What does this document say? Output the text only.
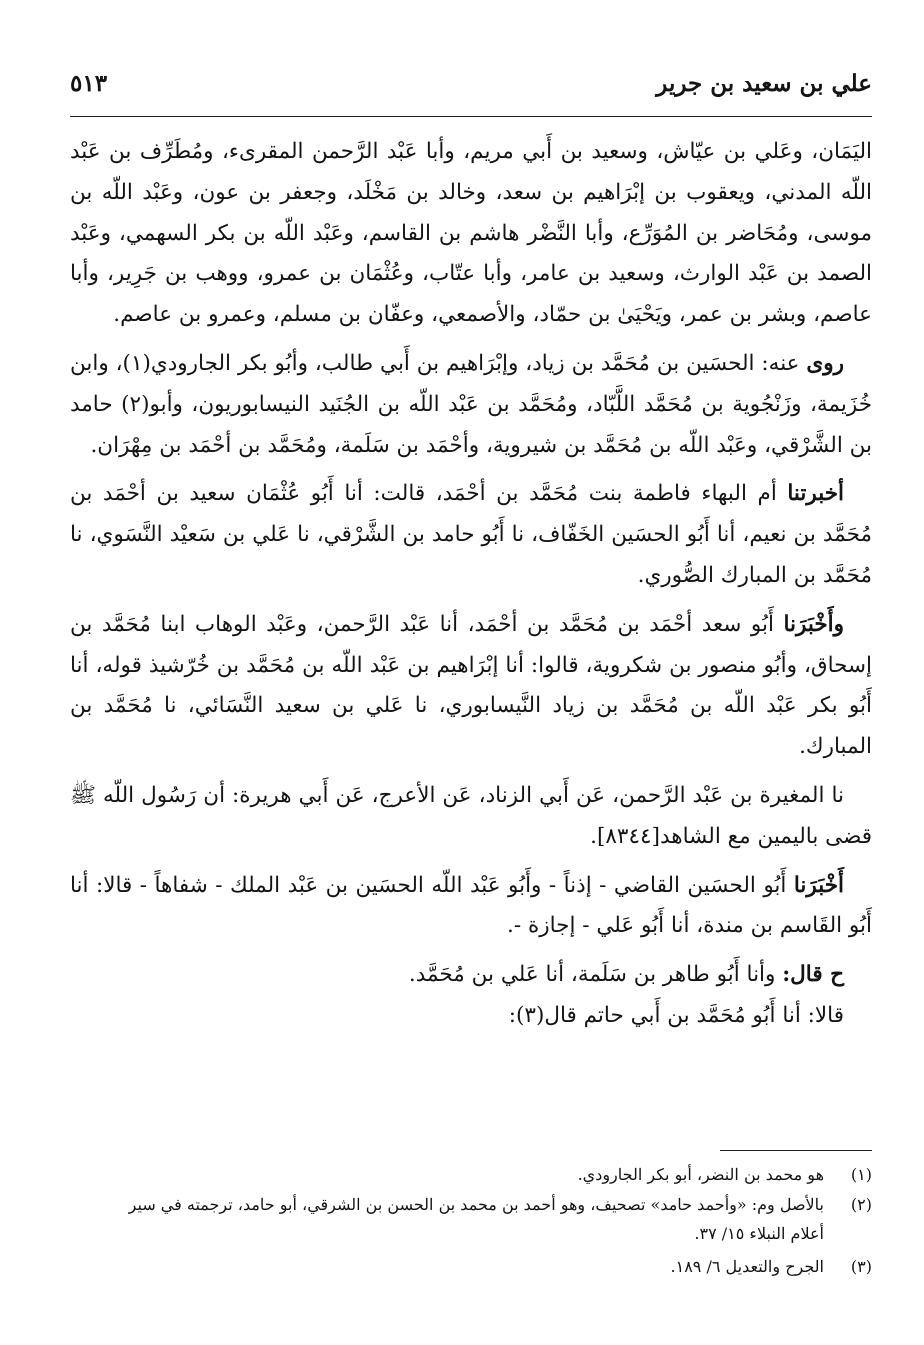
علي بن سعيد بن جرير
٥١٣

اليَمَان، وعَلي بن عيّاش، وسعيد بن أَبي مريم، وأبا عَبْد الرَّحمن المقرىء، ومُطَرِّف بن عَبْد اللّه المدني، ويعقوب بن إبْرَاهيم بن سعد، وخالد بن مَخْلَد، وجعفر بن عون، وعَبْد اللّه بن موسى، ومُحَاضر بن المُوَرِّع، وأبا النَّضْر هاشم بن القاسم، وعَبْد اللّه بن بكر السهمي، وعَبْد الصمد بن عَبْد الوارث، وسعيد بن عامر، وأبا عتّاب، وعُثْمَان بن عمرو، ووهب بن جَرِير، وأبا عاصم، وبشر بن عمر، ويَحْيَىٰ بن حمّاد، والأصمعي، وعفّان بن مسلم، وعمرو بن عاصم.

روى عنه: الحسَين بن مُحَمَّد بن زياد، وإبْرَاهيم بن أَبي طالب، وأبُو بكر الجارودي(١)، وابن خُزَيمة، وزَنْجُوية بن مُحَمَّد اللَّبّاد، ومُحَمَّد بن عَبْد اللّه بن الجُنَيد النيسابوريون، وأبو(٢) حامد بن الشَّرْقي، وعَبْد اللّه بن مُحَمَّد بن شيروية، وأحْمَد بن سَلَمة، ومُحَمَّد بن أحْمَد بن مِهْرَان.

أخبرتنا أم البهاء فاطمة بنت مُحَمَّد بن أحْمَد، قالت: أنا أَبُو عُثْمَان سعيد بن أحْمَد بن مُحَمَّد بن نعيم، أنا أَبُو الحسَين الخَفّاف، نا أَبُو حامد بن الشَّرْقي، نا عَلي بن سَعيْد النَّسَوي، نا مُحَمَّد بن المبارك الصُّوري.

وأَخْبَرَنا أَبُو سعد أحْمَد بن مُحَمَّد بن أحْمَد، أنا عَبْد الرَّحمن، وعَبْد الوهاب ابنا مُحَمَّد بن إسحاق، وأبُو منصور بن شكروية، قالوا: أنا إبْرَاهيم بن عَبْد اللّه بن مُحَمَّد بن خُرّشيذ قوله، أنا أَبُو بكر عَبْد اللّه بن مُحَمَّد بن زياد النَّيسابوري، نا عَلي بن سعيد النَّسَائي، نا مُحَمَّد بن المبارك.

نا المغيرة بن عَبْد الرَّحمن، عَن أَبي الزناد، عَن الأعرج، عَن أَبي هريرة: أن رَسُول اللّه ﷺ قضى باليمين مع الشاهد[٨٣٤٤].

أَخْبَرَنا أَبُو الحسَين القاضي - إذناً - وأَبُو عَبْد اللّه الحسَين بن عَبْد الملك - شفاهاً - قالا: أنا أَبُو القَاسم بن مندة، أنا أَبُو عَلي - إجازة -.

ح قال: وأنا أَبُو طاهر بن سَلَمة، أنا عَلي بن مُحَمَّد.

قالا: أنا أَبُو مُحَمَّد بن أَبي حاتم قال(٣):

(١)هو محمد بن النضر، أبو بكر الجارودي.
(٢)بالأصل وم: «وأحمد حامد» تصحيف، وهو أحمد بن محمد بن الحسن بن الشرقي، أبو حامد، ترجمته في سير
أعلام النبلاء ١٥/ ٣٧.
(٣)الجرح والتعديل ٦/ ١٨٩.
